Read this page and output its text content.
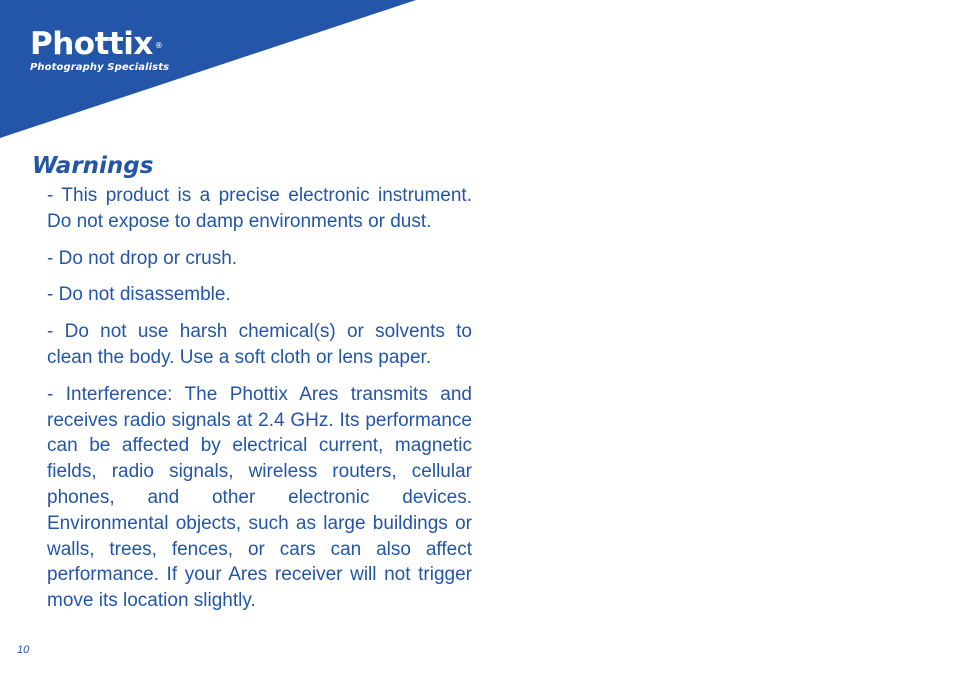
Phottix ®
Photography Specialists
Warnings

- This product is a precise electronic instrument. Do not expose to damp environments or dust.

- Do not drop or crush.

- Do not disassemble.

- Do not use harsh chemical(s) or solvents to clean the body. Use a soft cloth or lens paper.

- Interference: The Phottix Ares transmits and receives radio signals at 2.4 GHz. Its performance can be affected by electrical current, magnetic fields, radio signals, wireless routers, cellular phones, and other electronic devices. Environmental objects, such as large buildings or walls, trees, fences, or cars can also affect performance. If your Ares receiver will not trigger move its location slightly.

10
